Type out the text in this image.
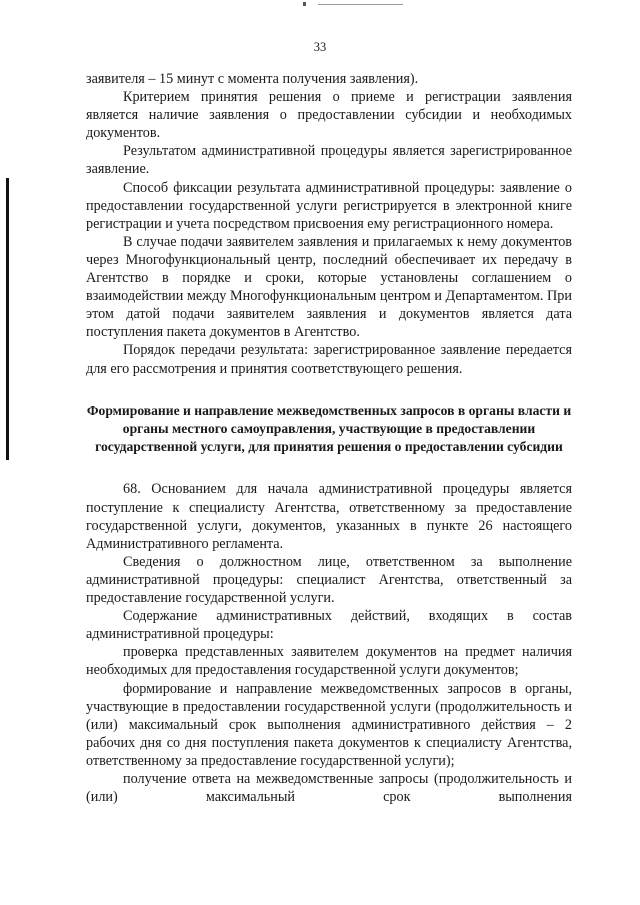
33

заявителя – 15 минут с момента получения заявления).

Критерием принятия решения о приеме и регистрации заявления является наличие заявления о предоставлении субсидии и необходимых документов.

Результатом административной процедуры является зарегистрированное заявление.

Способ фиксации результата административной процедуры: заявление о предоставлении государственной услуги регистрируется в электронной книге регистрации и учета посредством присвоения ему регистрационного номера.

В случае подачи заявителем заявления и прилагаемых к нему документов через Многофункциональный центр, последний обеспечивает их передачу в Агентство в порядке и сроки, которые установлены соглашением о взаимодействии между Многофункциональным центром и Департаментом. При этом датой подачи заявителем заявления и документов является дата поступления пакета документов в Агентство.

Порядок передачи результата: зарегистрированное заявление передается для его рассмотрения и принятия соответствующего решения.

Формирование и направление межведомственных запросов в органы власти и органы местного самоуправления, участвующие в предоставлении государственной услуги, для принятия решения о предоставлении субсидии

68. Основанием для начала административной процедуры является поступление к специалисту Агентства, ответственному за предоставление государственной услуги, документов, указанных в пункте 26 настоящего Административного регламента.

Сведения о должностном лице, ответственном за выполнение административной процедуры: специалист Агентства, ответственный за предоставление государственной услуги.

Содержание административных действий, входящих в состав административной процедуры:

проверка представленных заявителем документов на предмет наличия необходимых для предоставления государственной услуги документов;

формирование и направление межведомственных запросов в органы, участвующие в предоставлении государственной услуги (продолжительность и (или) максимальный срок выполнения административного действия – 2 рабочих дня со дня поступления пакета документов к специалисту Агентства, ответственному за предоставление государственной услуги);

получение ответа на межведомственные запросы (продолжительность и (или) максимальный срок выполнения
